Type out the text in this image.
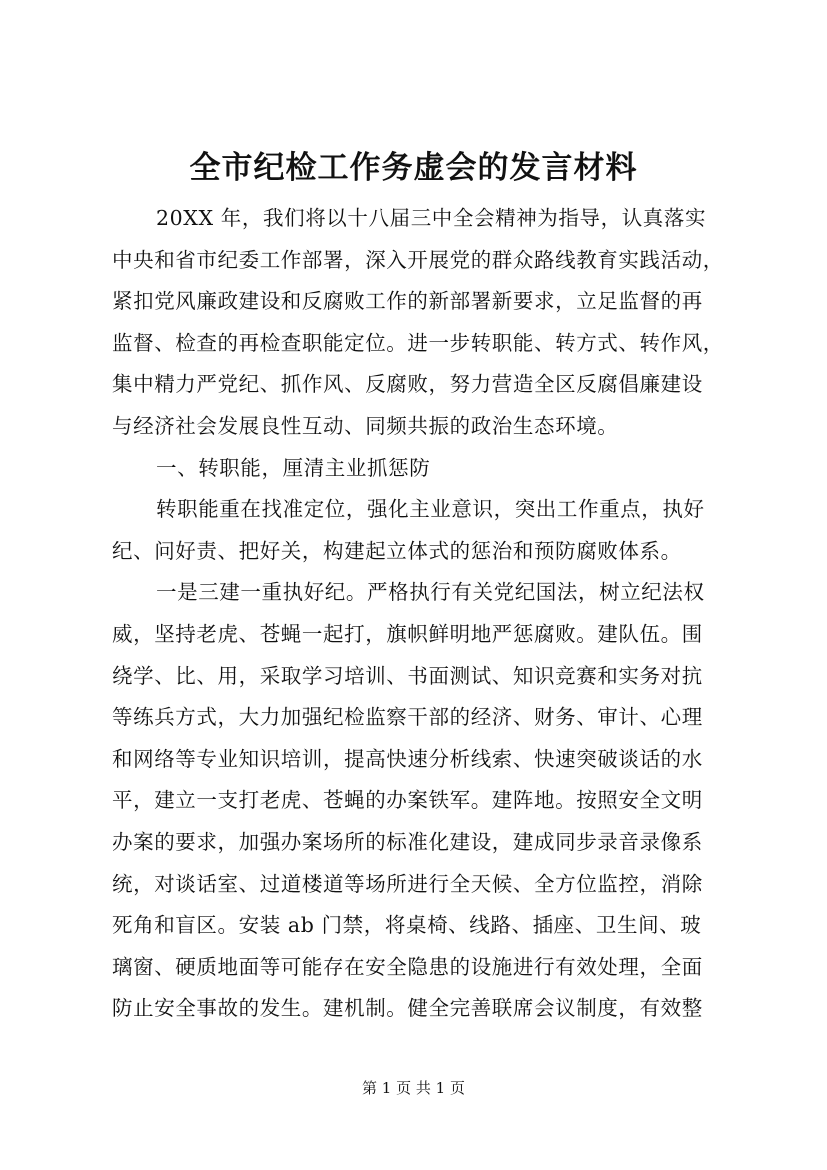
全市纪检工作务虚会的发言材料
20XX 年，我们将以十八届三中全会精神为指导，认真落实
中央和省市纪委工作部署，深入开展党的群众路线教育实践活动，
紧扣党风廉政建设和反腐败工作的新部署新要求，立足监督的再
监督、检查的再检查职能定位。进一步转职能、转方式、转作风，
集中精力严党纪、抓作风、反腐败，努力营造全区反腐倡廉建设
与经济社会发展良性互动、同频共振的政治生态环境。
一、转职能，厘清主业抓惩防
转职能重在找准定位，强化主业意识，突出工作重点，执好
纪、问好责、把好关，构建起立体式的惩治和预防腐败体系。
一是三建一重执好纪。严格执行有关党纪国法，树立纪法权
威，坚持老虎、苍蝇一起打，旗帜鲜明地严惩腐败。建队伍。围
绕学、比、用，采取学习培训、书面测试、知识竞赛和实务对抗
等练兵方式，大力加强纪检监察干部的经济、财务、审计、心理
和网络等专业知识培训，提高快速分析线索、快速突破谈话的水
平，建立一支打老虎、苍蝇的办案铁军。建阵地。按照安全文明
办案的要求，加强办案场所的标准化建设，建成同步录音录像系
统，对谈话室、过道楼道等场所进行全天候、全方位监控，消除
死角和盲区。安装 ab 门禁，将桌椅、线路、插座、卫生间、玻
璃窗、硬质地面等可能存在安全隐患的设施进行有效处理，全面
防止安全事故的发生。建机制。健全完善联席会议制度，有效整
第 1 页 共 1 页
